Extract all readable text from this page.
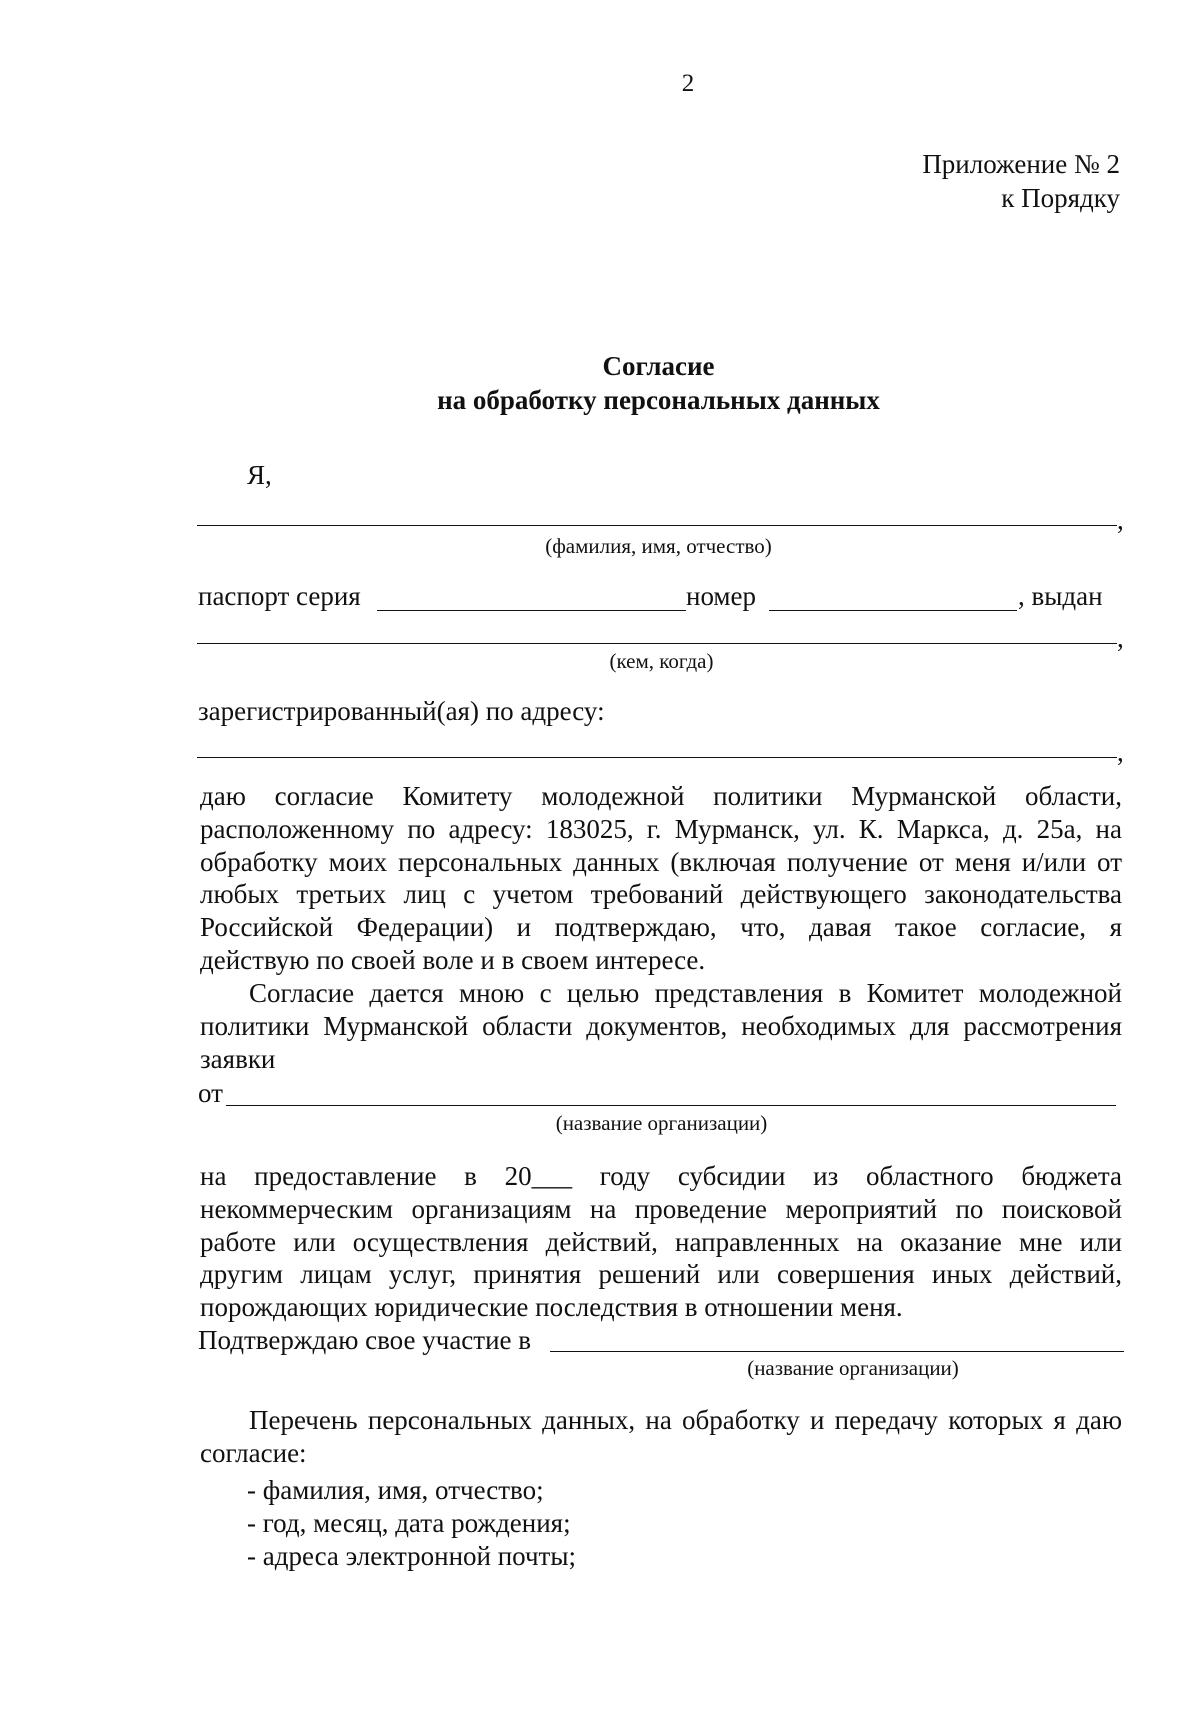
2
Приложение № 2
к Порядку
Согласие
на обработку персональных данных
Я,
,
(фамилия, имя, отчество)
паспорт серия	номер	, выдан
,
(кем, когда)
зарегистрированный(ая) по адресу:
,
даю согласие Комитету молодежной политики Мурманской области,
расположенному по адресу: 183025, г. Мурманск, ул. К. Маркса, д. 25а, на
обработку моих персональных данных (включая получение от меня и/или от
любых третьих лиц с учетом требований действующего законодательства
Российской Федерации) и подтверждаю, что, давая такое согласие, я
действую по своей воле и в своем интересе.
Согласие дается мною с целью представления в Комитет молодежной
политики Мурманской области документов, необходимых для рассмотрения
заявки
от
(название организации)
на предоставление в 20___ году субсидии из областного бюджета
некоммерческим организациям на проведение мероприятий по поисковой
работе или осуществления действий, направленных на оказание мне или
другим лицам услуг, принятия решений или совершения иных действий,
порождающих юридические последствия в отношении меня.
Подтверждаю свое участие в
(название организации)
Перечень персональных данных, на обработку и передачу которых я даю
согласие:
- фамилия, имя, отчество;
- год, месяц, дата рождения;
- адреса электронной почты;
